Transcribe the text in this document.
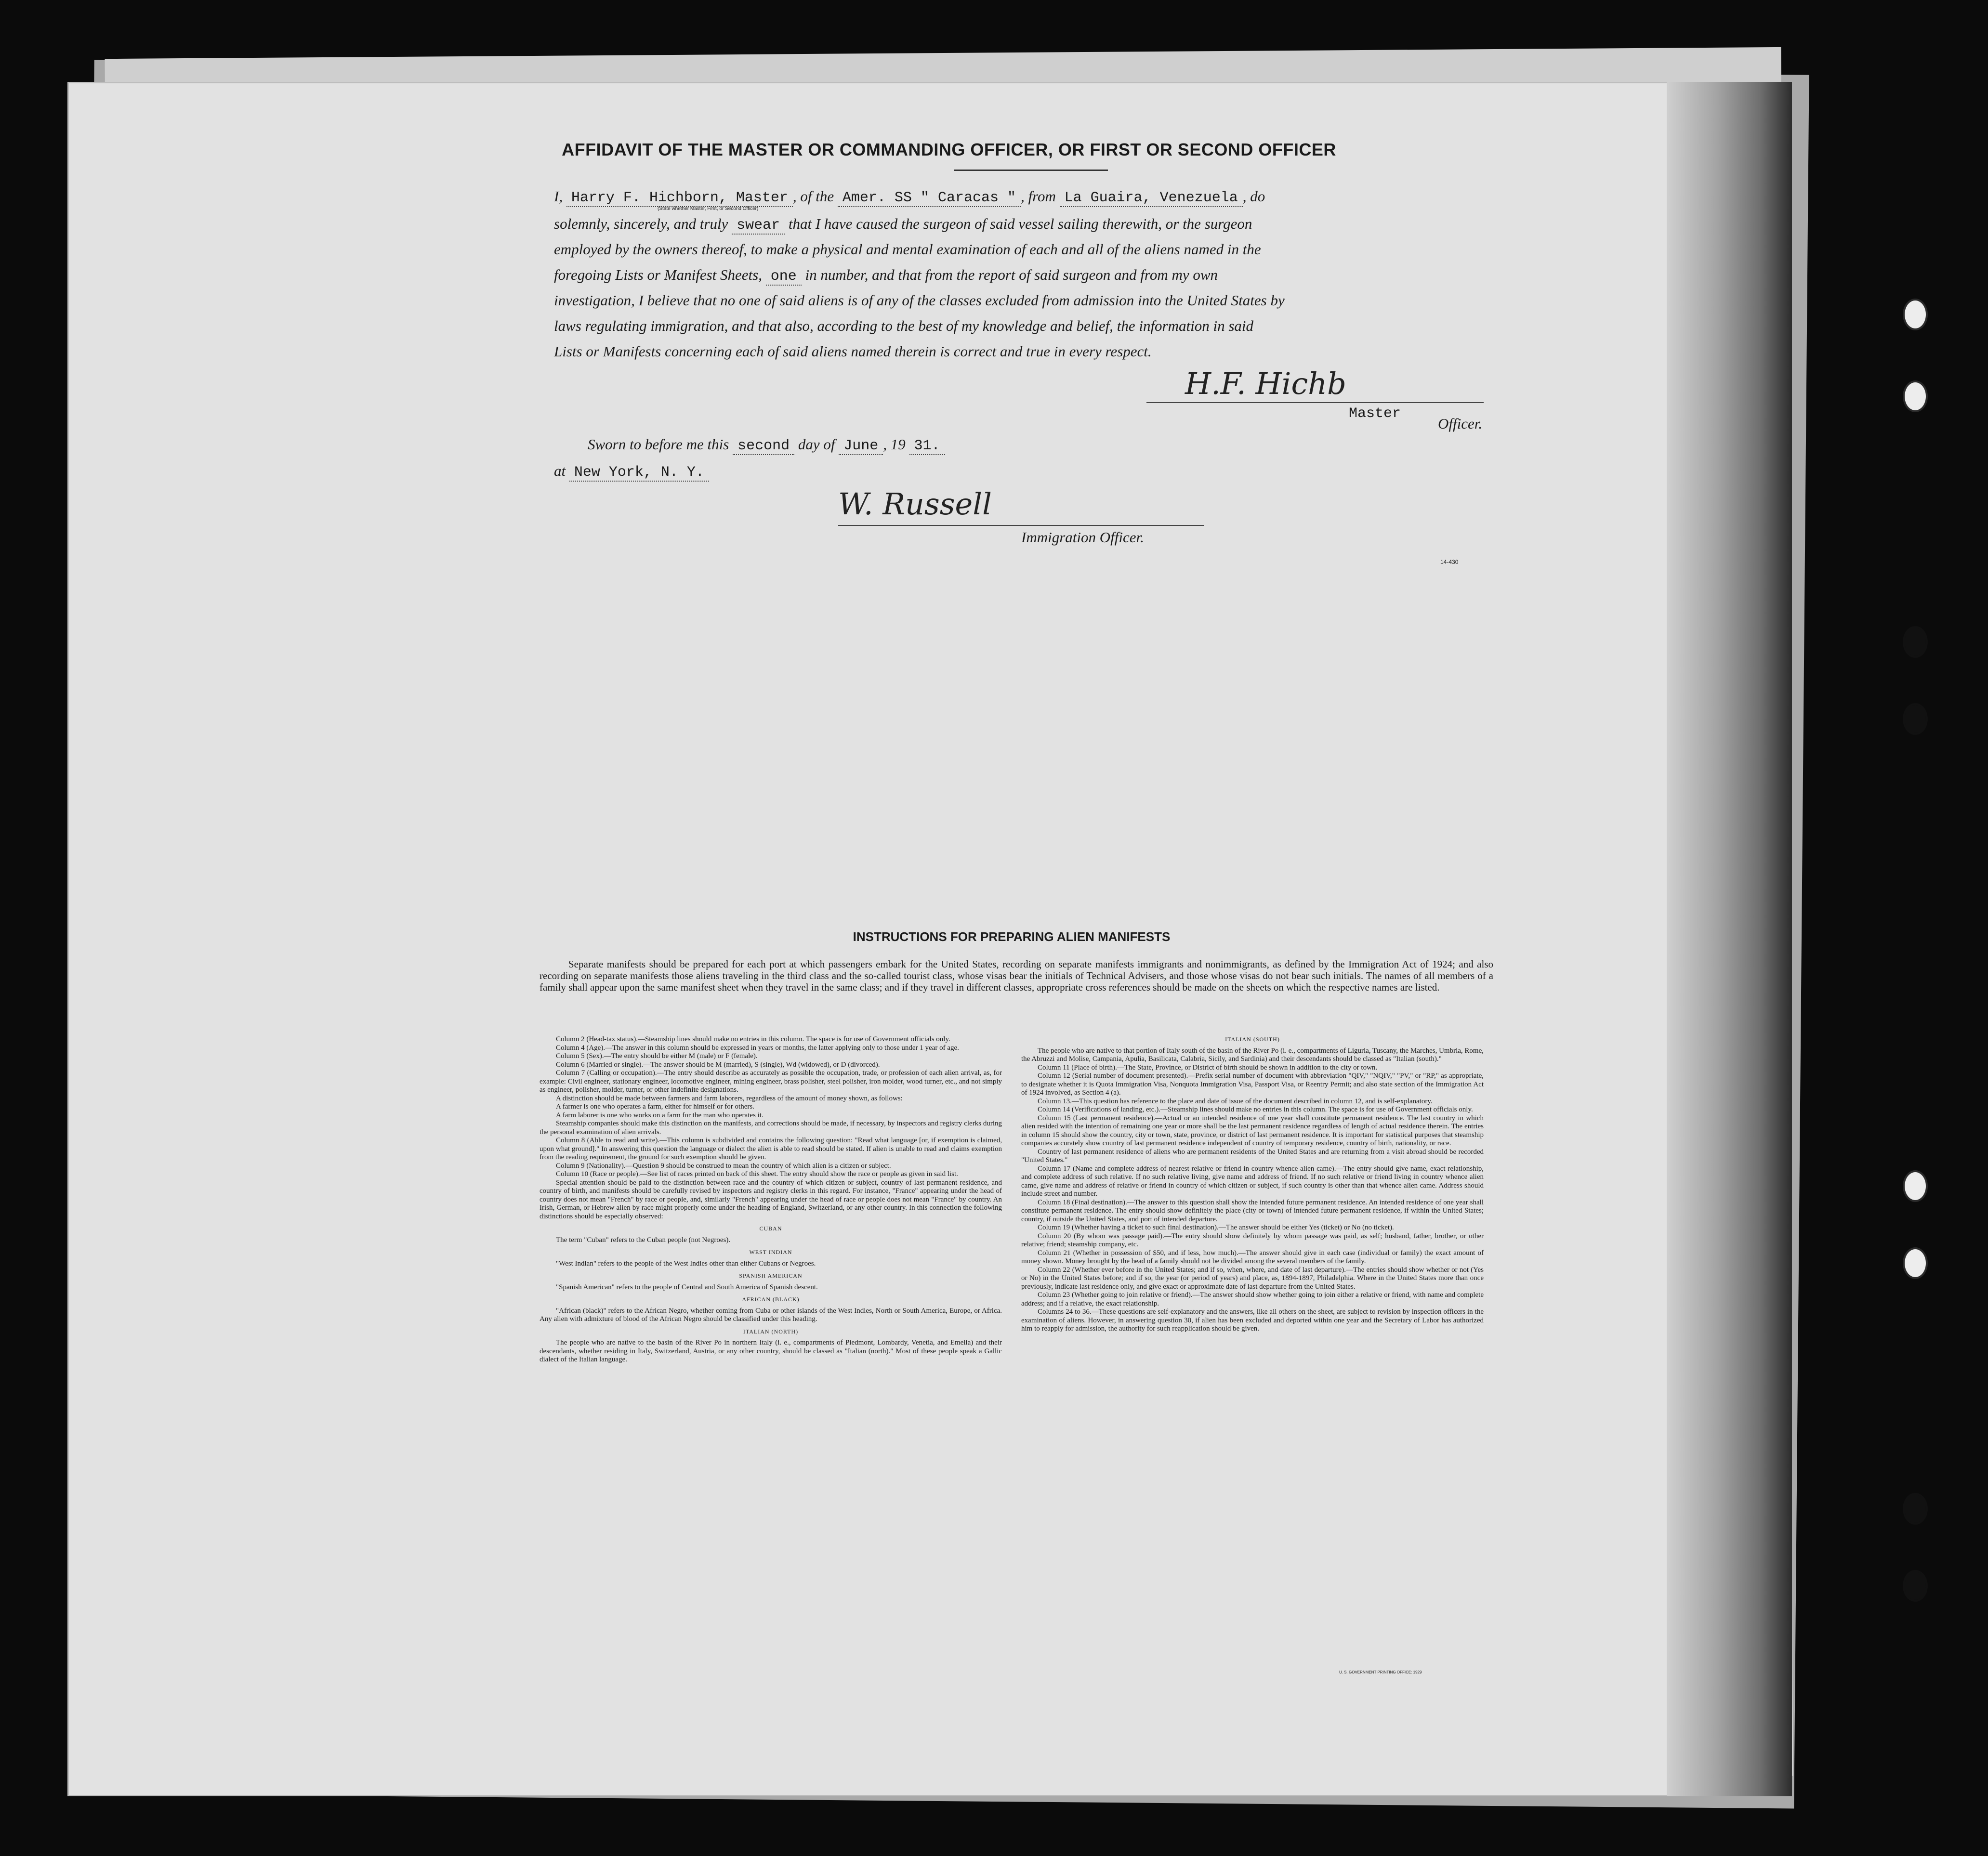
AFFIDAVIT OF THE MASTER OR COMMANDING OFFICER, OR FIRST OR SECOND OFFICER
I, Harry F. Hichborn, Master , of the Amer. SS " Caracas " , from La Guaira, Venezuela , do
(State whether Master, First, or Second Officer)
solemnly, sincerely, and truly swear that I have caused the surgeon of said vessel sailing therewith, or the surgeon
employed by the owners thereof, to make a physical and mental examination of each and all of the aliens named in the
foregoing Lists or Manifest Sheets, one in number, and that from the report of said surgeon and from my own
investigation, I believe that no one of said aliens is of any of the classes excluded from admission into the United States by
laws regulating immigration, and that also, according to the best of my knowledge and belief, the information in said
Lists or Manifests concerning each of said aliens named therein is correct and true in every respect.
H.F. Hichb
Master
Officer.
Sworn to before me this second day of June , 19 31.
at New York, N. Y.
W. Russell
Immigration Officer.
14-430
INSTRUCTIONS FOR PREPARING ALIEN MANIFESTS
Separate manifests should be prepared for each port at which passengers embark for the United States, recording on separate manifests immigrants and nonimmigrants, as defined by the Immigration Act of 1924; and also recording on separate manifests those aliens traveling in the third class and the so-called tourist class, whose visas bear the initials of Technical Advisers, and those whose visas do not bear such initials. The names of all members of a family shall appear upon the same manifest sheet when they travel in the same class; and if they travel in different classes, appropriate cross references should be made on the sheets on which the respective names are listed.

Column 2 (Head-tax status).—Steamship lines should make no entries in this column. The space is for use of Government officials only.

Column 4 (Age).—The answer in this column should be expressed in years or months, the latter applying only to those under 1 year of age.

Column 5 (Sex).—The entry should be either M (male) or F (female).

Column 6 (Married or single).—The answer should be M (married), S (single), Wd (widowed), or D (divorced).

Column 7 (Calling or occupation).—The entry should describe as accurately as possible the occupation, trade, or profession of each alien arrival, as, for example: Civil engineer, stationary engineer, locomotive engineer, mining engineer, brass polisher, steel polisher, iron molder, wood turner, etc., and not simply as engineer, polisher, molder, turner, or other indefinite designations.

A distinction should be made between farmers and farm laborers, regardless of the amount of money shown, as follows:

A farmer is one who operates a farm, either for himself or for others.

A farm laborer is one who works on a farm for the man who operates it.

Steamship companies should make this distinction on the manifests, and corrections should be made, if necessary, by inspectors and registry clerks during the personal examination of alien arrivals.

Column 8 (Able to read and write).—This column is subdivided and contains the following question: "Read what language [or, if exemption is claimed, upon what ground]." In answering this question the language or dialect the alien is able to read should be stated. If alien is unable to read and claims exemption from the reading requirement, the ground for such exemption should be given.

Column 9 (Nationality).—Question 9 should be construed to mean the country of which alien is a citizen or subject.

Column 10 (Race or people).—See list of races printed on back of this sheet. The entry should show the race or people as given in said list.

Special attention should be paid to the distinction between race and the country of which citizen or subject, country of last permanent residence, and country of birth, and manifests should be carefully revised by inspectors and registry clerks in this regard. For instance, "France" appearing under the head of country does not mean "French" by race or people, and, similarly "French" appearing under the head of race or people does not mean "France" by country. An Irish, German, or Hebrew alien by race might properly come under the heading of England, Switzerland, or any other country. In this connection the following distinctions should be especially observed:

CUBAN

The term "Cuban" refers to the Cuban people (not Negroes).

WEST INDIAN

"West Indian" refers to the people of the West Indies other than either Cubans or Negroes.

SPANISH AMERICAN

"Spanish American" refers to the people of Central and South America of Spanish descent.

AFRICAN (BLACK)

"African (black)" refers to the African Negro, whether coming from Cuba or other islands of the West Indies, North or South America, Europe, or Africa. Any alien with admixture of blood of the African Negro should be classified under this heading.

ITALIAN (NORTH)

The people who are native to the basin of the River Po in northern Italy (i. e., compartments of Piedmont, Lombardy, Venetia, and Emelia) and their descendants, whether residing in Italy, Switzerland, Austria, or any other country, should be classed as "Italian (north)." Most of these people speak a Gallic dialect of the Italian language.

ITALIAN (SOUTH)

The people who are native to that portion of Italy south of the basin of the River Po (i. e., compartments of Liguria, Tuscany, the Marches, Umbria, Rome, the Abruzzi and Molise, Campania, Apulia, Basilicata, Calabria, Sicily, and Sardinia) and their descendants should be classed as "Italian (south)."

Column 11 (Place of birth).—The State, Province, or District of birth should be shown in addition to the city or town.

Column 12 (Serial number of document presented).—Prefix serial number of document with abbreviation "QIV," "NQIV," "PV," or "RP," as appropriate, to designate whether it is Quota Immigration Visa, Nonquota Immigration Visa, Passport Visa, or Reentry Permit; and also state section of the Immigration Act of 1924 involved, as Section 4 (a).

Column 13.—This question has reference to the place and date of issue of the document described in column 12, and is self-explanatory.

Column 14 (Verifications of landing, etc.).—Steamship lines should make no entries in this column. The space is for use of Government officials only.

Column 15 (Last permanent residence).—Actual or an intended residence of one year shall constitute permanent residence. The last country in which alien resided with the intention of remaining one year or more shall be the last permanent residence regardless of length of actual residence therein. The entries in column 15 should show the country, city or town, state, province, or district of last permanent residence. It is important for statistical purposes that steamship companies accurately show country of last permanent residence independent of country of temporary residence, country of birth, nationality, or race.

Country of last permanent residence of aliens who are permanent residents of the United States and are returning from a visit abroad should be recorded "United States."

Column 17 (Name and complete address of nearest relative or friend in country whence alien came).—The entry should give name, exact relationship, and complete address of such relative. If no such relative living, give name and address of friend. If no such relative or friend living in country whence alien came, give name and address of relative or friend in country of which citizen or subject, if such country is other than that whence alien came. Address should include street and number.

Column 18 (Final destination).—The answer to this question shall show the intended future permanent residence. An intended residence of one year shall constitute permanent residence. The entry should show definitely the place (city or town) of intended future permanent residence, if within the United States; country, if outside the United States, and port of intended departure.

Column 19 (Whether having a ticket to such final destination).—The answer should be either Yes (ticket) or No (no ticket).

Column 20 (By whom was passage paid).—The entry should show definitely by whom passage was paid, as self; husband, father, brother, or other relative; friend; steamship company, etc.

Column 21 (Whether in possession of $50, and if less, how much).—The answer should give in each case (individual or family) the exact amount of money shown. Money brought by the head of a family should not be divided among the several members of the family.

Column 22 (Whether ever before in the United States; and if so, when, where, and date of last departure).—The entries should show whether or not (Yes or No) in the United States before; and if so, the year (or period of years) and place, as, 1894-1897, Philadelphia. Where in the United States more than once previously, indicate last residence only, and give exact or approximate date of last departure from the United States.

Column 23 (Whether going to join relative or friend).—The answer should show whether going to join either a relative or friend, with name and complete address; and if a relative, the exact relationship.

Columns 24 to 36.—These questions are self-explanatory and the answers, like all others on the sheet, are subject to revision by inspection officers in the examination of aliens. However, in answering question 30, if alien has been excluded and deported within one year and the Secretary of Labor has authorized him to reapply for admission, the authority for such reapplication should be given.

U. S. GOVERNMENT PRINTING OFFICE: 1929
